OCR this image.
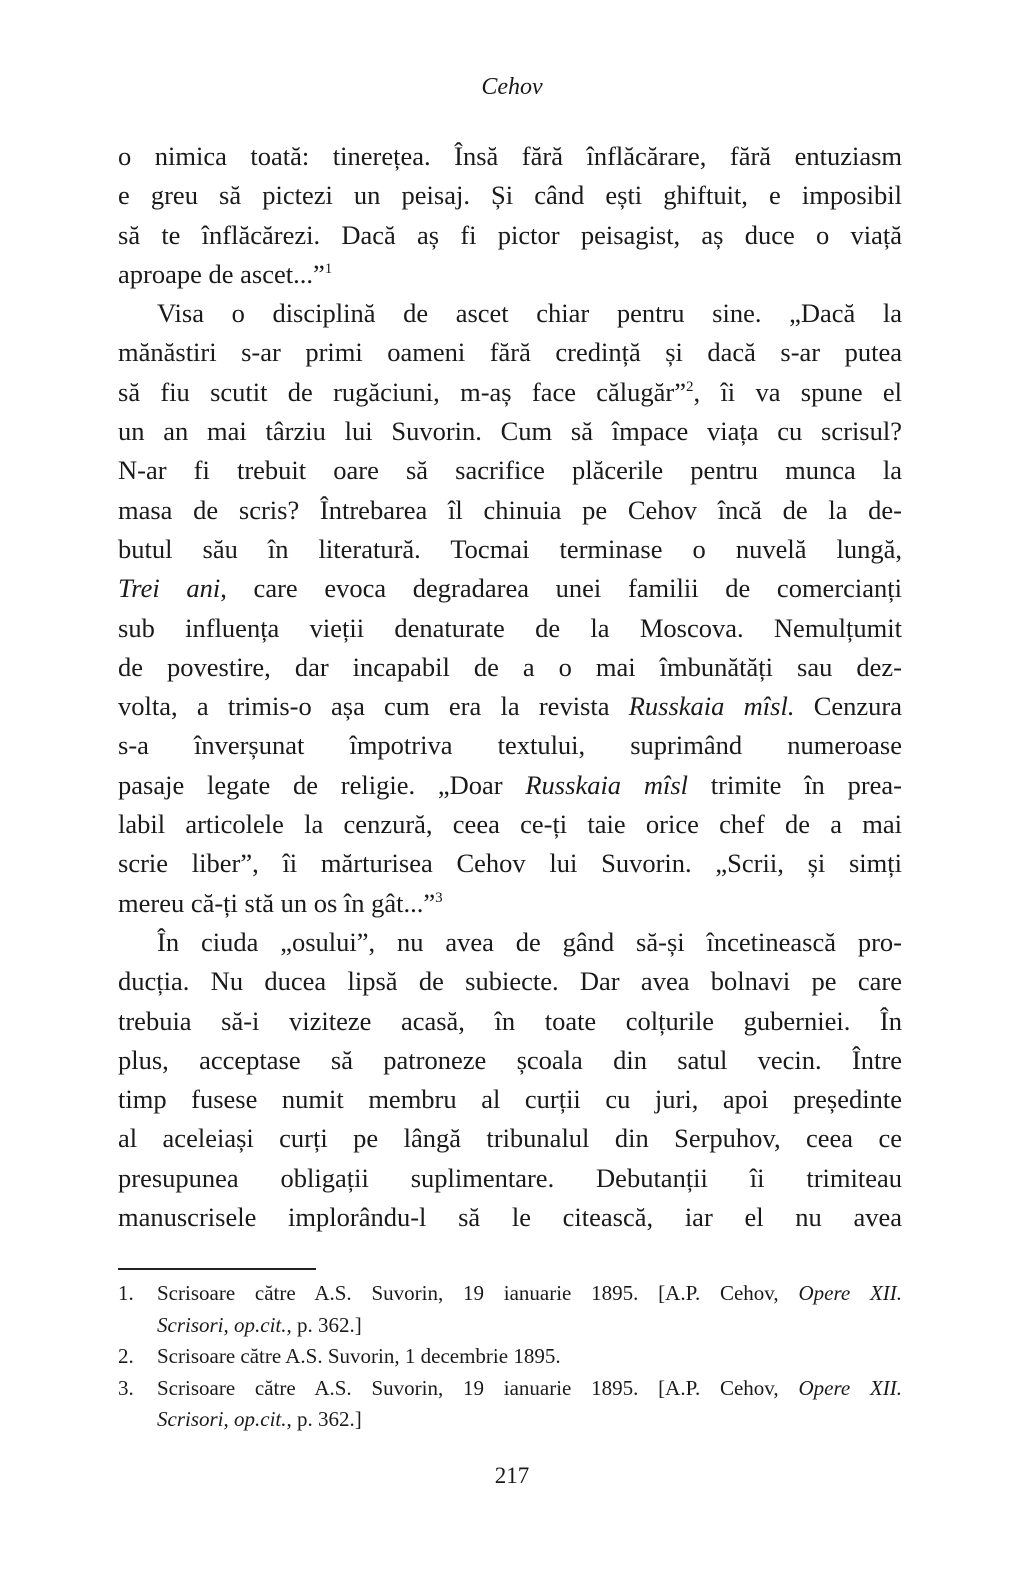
Cehov
o nimica toată: tinerețea. Însă fără înflăcărare, fără entuziasm
e greu să pictezi un peisaj. Și când ești ghiftuit, e imposibil
să te înflăcărezi. Dacă aș fi pictor peisagist, aș duce o viață
aproape de ascet...”$^1$
Visa o disciplină de ascet chiar pentru sine. „Dacă la
mănăstiri s-ar primi oameni fără credință și dacă s-ar putea
să fiu scutit de rugăciuni, m-aș face călugăr”$^2$, îi va spune el
un an mai târziu lui Suvorin. Cum să împace viața cu scrisul?
N-ar fi trebuit oare să sacrifice plăcerile pentru munca la
masa de scris? Întrebarea îl chinuia pe Cehov încă de la de-
butul său în literatură. Tocmai terminase o nuvelă lungă,
Trei ani, care evoca degradarea unei familii de comercianți
sub influența vieții denaturate de la Moscova. Nemulțumit
de povestire, dar incapabil de a o mai îmbunătăți sau dez-
volta, a trimis-o așa cum era la revista Russkaia mîsl. Cenzura
s-a înverșunat împotriva textului, suprimând numeroase
pasaje legate de religie. „Doar Russkaia mîsl trimite în prea-
labil articolele la cenzură, ceea ce-ți taie orice chef de a mai
scrie liber”, îi mărturisea Cehov lui Suvorin. „Scrii, și simți
mereu că-ți stă un os în gât...”$^3$
În ciuda „osului”, nu avea de gând să-și încetinească pro-
ducția. Nu ducea lipsă de subiecte. Dar avea bolnavi pe care
trebuia să-i viziteze acasă, în toate colțurile guberniei. În
plus, acceptase să patroneze școala din satul vecin. Între
timp fusese numit membru al curții cu juri, apoi președinte
al aceleiași curți pe lângă tribunalul din Serpuhov, ceea ce
presupunea obligații suplimentare. Debutanții îi trimiteau
manuscrisele implorându-l să le citească, iar el nu avea
1. Scrisoare către A.S. Suvorin, 19 ianuarie 1895. [A.P. Cehov, Opere XII.
Scrisori, op.cit., p. 362.]
2. Scrisoare către A.S. Suvorin, 1 decembrie 1895.
3. Scrisoare către A.S. Suvorin, 19 ianuarie 1895. [A.P. Cehov, Opere XII.
Scrisori, op.cit., p. 362.]
217
